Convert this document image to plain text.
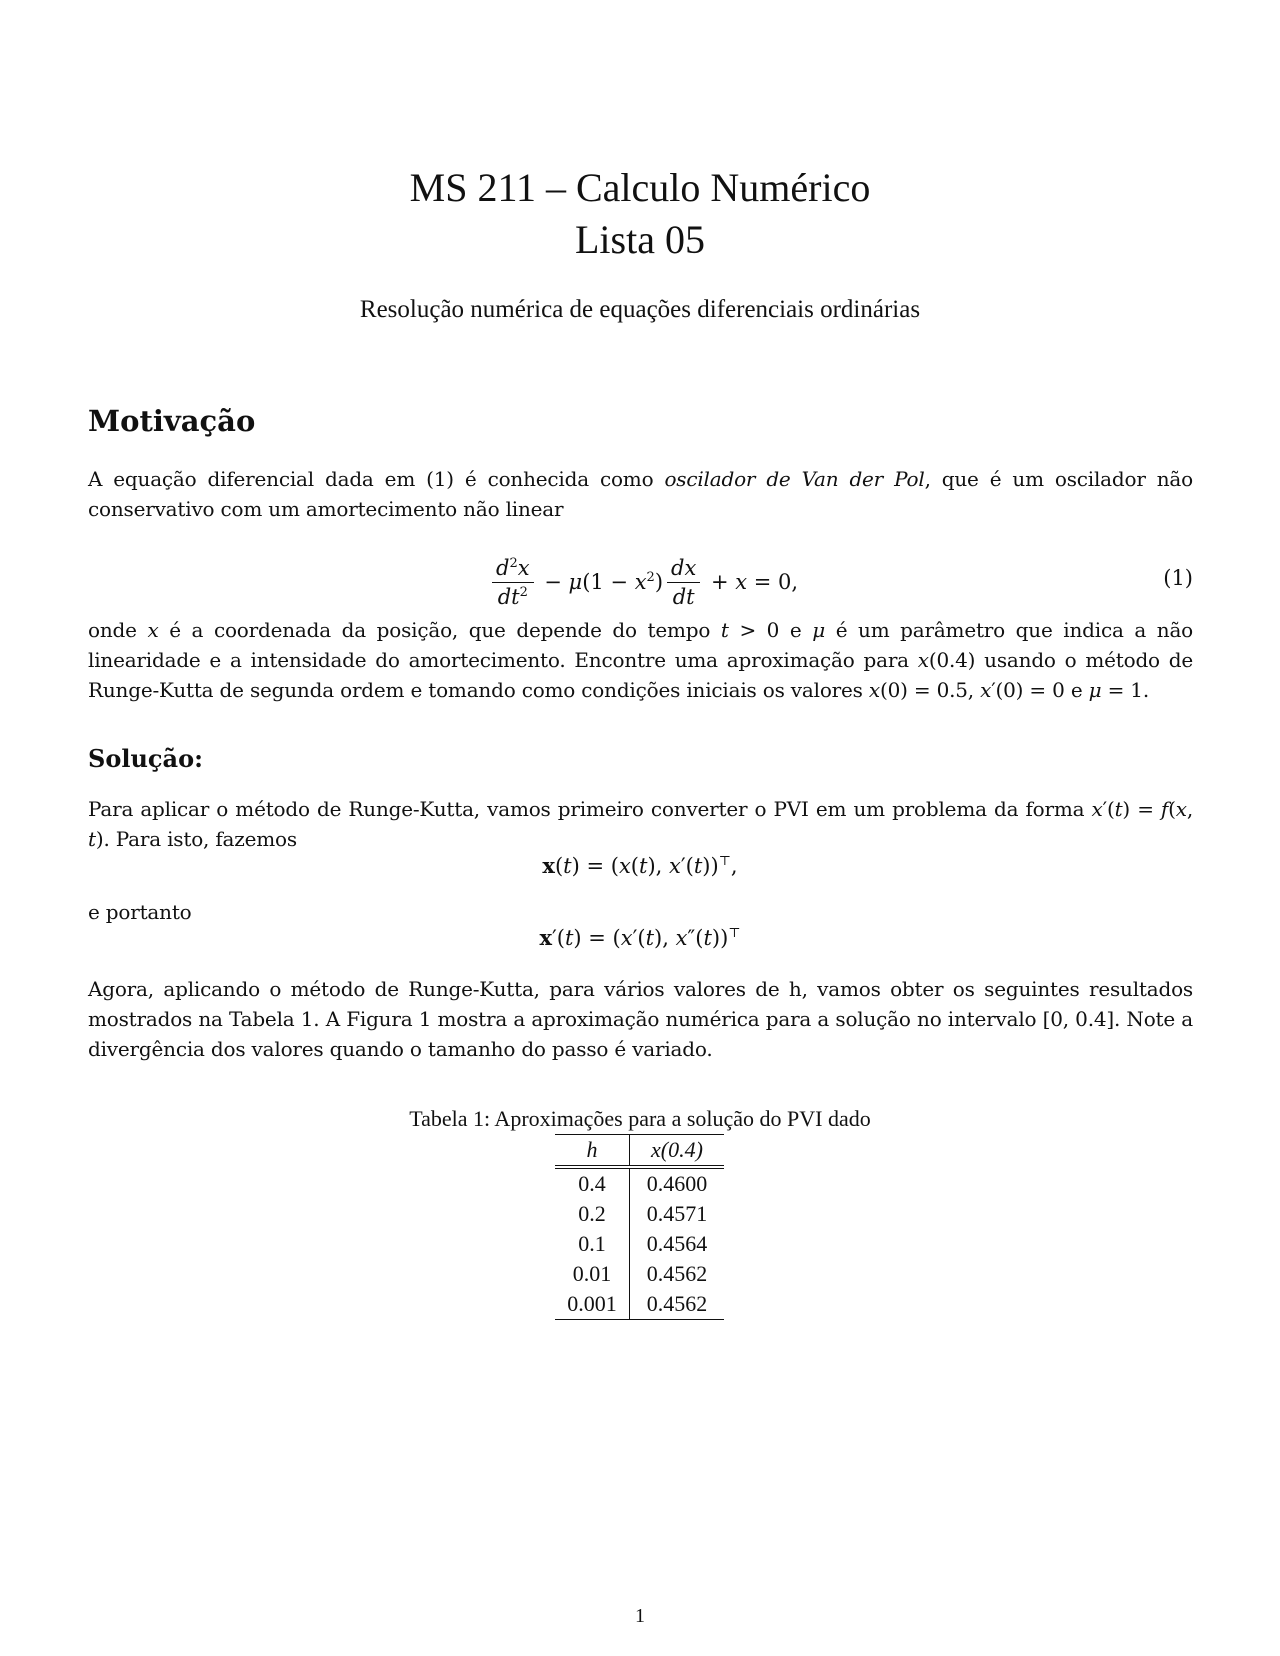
MS 211 – Calculo Numérico
Lista 05
Resolução numérica de equações diferenciais ordinárias
Motivação
A equação diferencial dada em (1) é conhecida como oscilador de Van der Pol, que é um oscilador não conservativo com um amortecimento não linear
$\frac{d^2x}{dt^2} - \mu(1 - x^2) \frac{dx}{dt} + x = 0$,	(1)
onde x é a coordenada da posição, que depende do tempo t > 0 e μ é um parâmetro que indica a não linearidade e a intensidade do amortecimento. Encontre uma aproximação para x(0.4) usando o método de Runge-Kutta de segunda ordem e tomando como condições iniciais os valores x(0) = 0.5, x′(0) = 0 e μ = 1.
Solução:
Para aplicar o método de Runge-Kutta, vamos primeiro converter o PVI em um problema da forma x′(t) = f(x, t). Para isto, fazemos
x(t) = (x(t), x′(t))⊤,
e portanto
x′(t) = (x′(t), x″(t))⊤
Agora, aplicando o método de Runge-Kutta, para vários valores de h, vamos obter os seguintes resultados mostrados na Tabela 1. A Figura 1 mostra a aproximação numérica para a solução no intervalo [0, 0.4]. Note a divergência dos valores quando o tamanho do passo é variado.
Tabela 1: Aproximações para a solução do PVI dado
h	x(0.4)
0.4	0.4600
0.2	0.4571
0.1	0.4564
0.01	0.4562
0.001	0.4562
1
